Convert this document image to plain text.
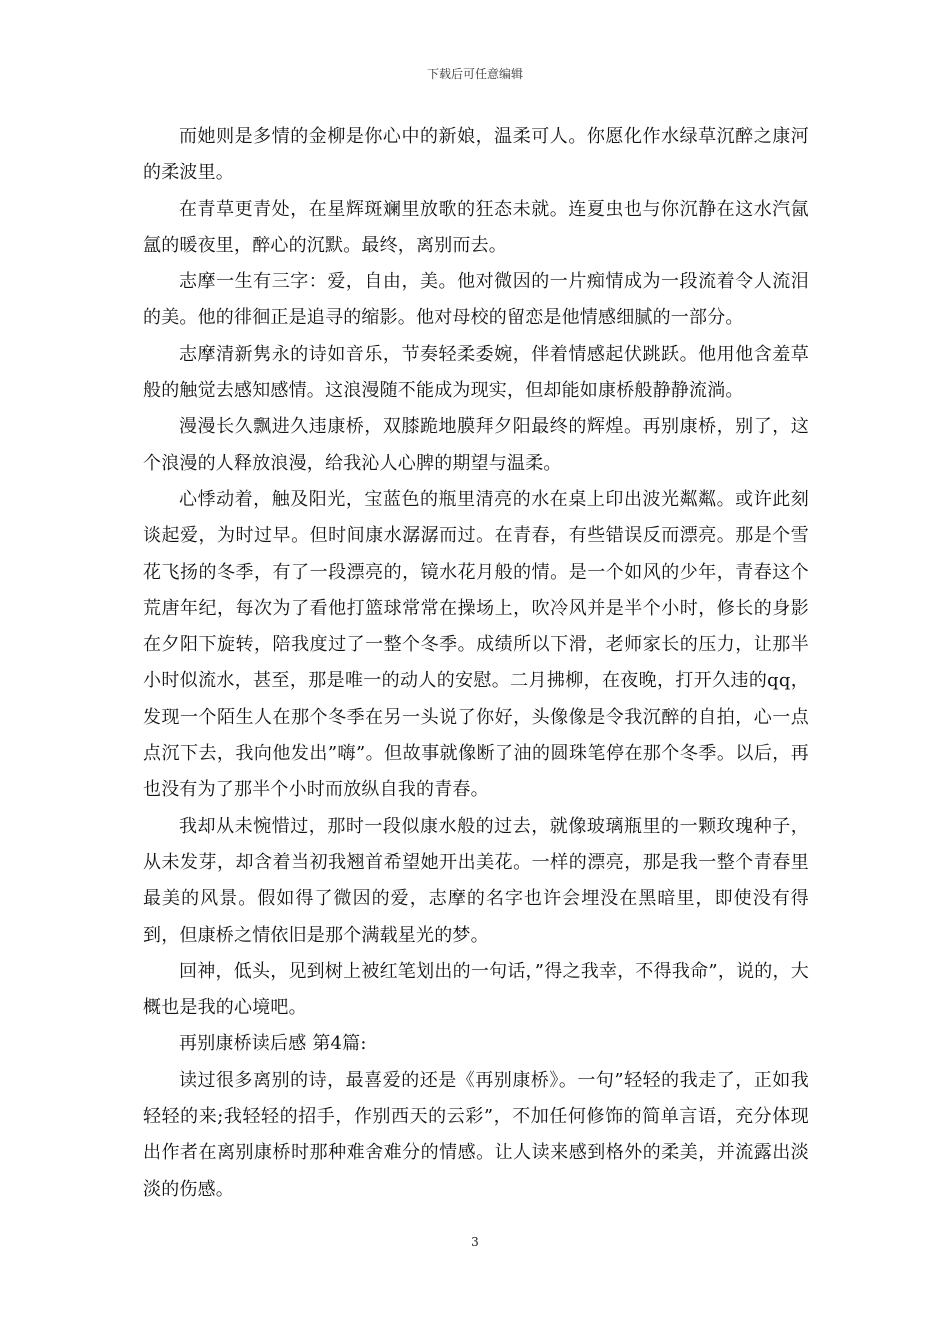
下载后可任意编辑

而她则是多情的金柳是你心中的新娘，温柔可人。你愿化作水绿草沉醉之康河的柔波里。

在青草更青处，在星辉斑斓里放歌的狂态未就。连夏虫也与你沉静在这水汽氤氲的暖夜里，醉心的沉默。最终，离别而去。

志摩一生有三字：爱，自由，美。他对微因的一片痴情成为一段流着令人流泪的美。他的徘徊正是追寻的缩影。他对母校的留恋是他情感细腻的一部分。

志摩清新隽永的诗如音乐，节奏轻柔委婉，伴着情感起伏跳跃。他用他含羞草般的触觉去感知感情。这浪漫随不能成为现实，但却能如康桥般静静流淌。

漫漫长久飘进久违康桥，双膝跪地膜拜夕阳最终的辉煌。再别康桥，别了，这个浪漫的人释放浪漫，给我沁人心脾的期望与温柔。

心悸动着，触及阳光，宝蓝色的瓶里清亮的水在桌上印出波光粼粼。或许此刻谈起爱，为时过早。但时间康水潺潺而过。在青春，有些错误反而漂亮。那是个雪花飞扬的冬季，有了一段漂亮的，镜水花月般的情。是一个如风的少年，青春这个荒唐年纪，每次为了看他打篮球常常在操场上，吹冷风并是半个小时，修长的身影在夕阳下旋转，陪我度过了一整个冬季。成绩所以下滑，老师家长的压力，让那半小时似流水，甚至，那是唯一的动人的安慰。二月拂柳，在夜晚，打开久违的qq，发现一个陌生人在那个冬季在另一头说了你好，头像像是令我沉醉的自拍，心一点点沉下去，我向他发出”嗨”。但故事就像断了油的圆珠笔停在那个冬季。以后，再也没有为了那半个小时而放纵自我的青春。

我却从未惋惜过，那时一段似康水般的过去，就像玻璃瓶里的一颗玫瑰种子，从未发芽，却含着当初我翘首希望她开出美花。一样的漂亮，那是我一整个青春里最美的风景。假如得了微因的爱，志摩的名字也许会埋没在黑暗里，即使没有得到，但康桥之情依旧是那个满载星光的梦。

回神，低头，见到树上被红笔划出的一句话，”得之我幸，不得我命”，说的，大概也是我的心境吧。

再别康桥读后感 第4篇:

读过很多离别的诗，最喜爱的还是《再别康桥》。一句”轻轻的我走了，正如我轻轻的来;我轻轻的招手，作别西天的云彩”，不加任何修饰的简单言语，充分体现出作者在离别康桥时那种难舍难分的情感。让人读来感到格外的柔美，并流露出淡淡的伤感。

3
